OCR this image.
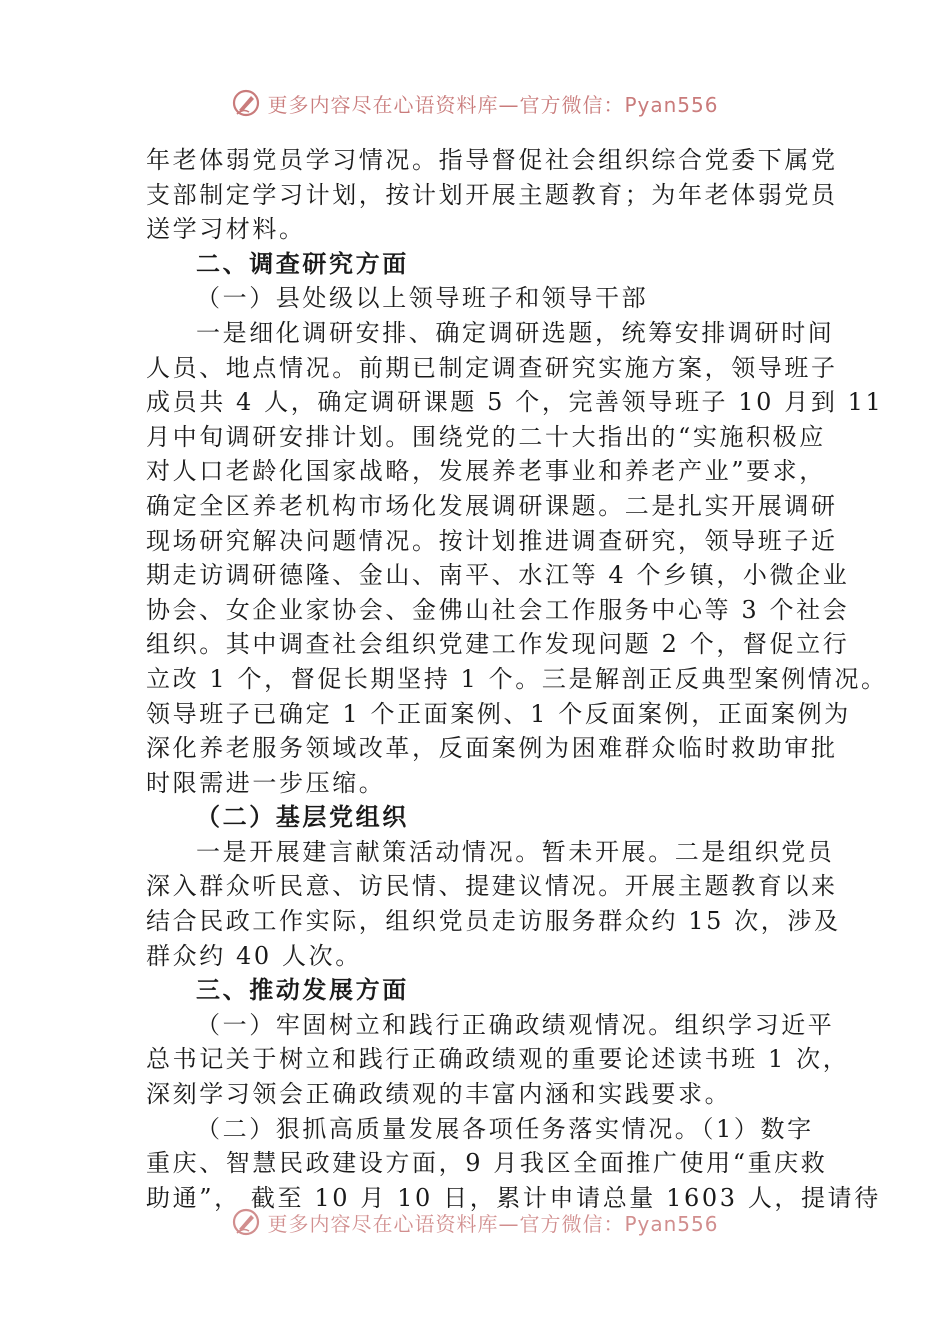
更多内容尽在心语资料库—官方微信：Pyan556
年老体弱党员学习情况。指导督促社会组织综合党委下属党
支部制定学习计划，按计划开展主题教育；为年老体弱党员
送学习材料。
二、调查研究方面
（一）县处级以上领导班子和领导干部
一是细化调研安排、确定调研选题，统筹安排调研时间
人员、地点情况。前期已制定调查研究实施方案，领导班子
成员共 4 人，确定调研课题 5 个，完善领导班子 10 月到 11
月中旬调研安排计划。围绕党的二十大指出的“实施积极应
对人口老龄化国家战略，发展养老事业和养老产业”要求，
确定全区养老机构市场化发展调研课题。二是扎实开展调研
现场研究解决问题情况。按计划推进调查研究，领导班子近
期走访调研德隆、金山、南平、水江等 4 个乡镇，小微企业
协会、女企业家协会、金佛山社会工作服务中心等 3 个社会
组织。其中调查社会组织党建工作发现问题 2 个，督促立行
立改 1 个，督促长期坚持 1 个。三是解剖正反典型案例情况。
领导班子已确定 1 个正面案例、1 个反面案例，正面案例为
深化养老服务领域改革，反面案例为困难群众临时救助审批
时限需进一步压缩。
（二）基层党组织
一是开展建言献策活动情况。暂未开展。二是组织党员
深入群众听民意、访民情、提建议情况。开展主题教育以来
结合民政工作实际，组织党员走访服务群众约 15 次，涉及
群众约 40 人次。
三、推动发展方面
（一）牢固树立和践行正确政绩观情况。组织学习近平
总书记关于树立和践行正确政绩观的重要论述读书班 1 次，
深刻学习领会正确政绩观的丰富内涵和实践要求。
（二）狠抓高质量发展各项任务落实情况。（1）数字
重庆、智慧民政建设方面，9 月我区全面推广使用“重庆救
助通”， 截至 10 月 10 日，累计申请总量 1603 人，提请待
更多内容尽在心语资料库—官方微信：Pyan556
